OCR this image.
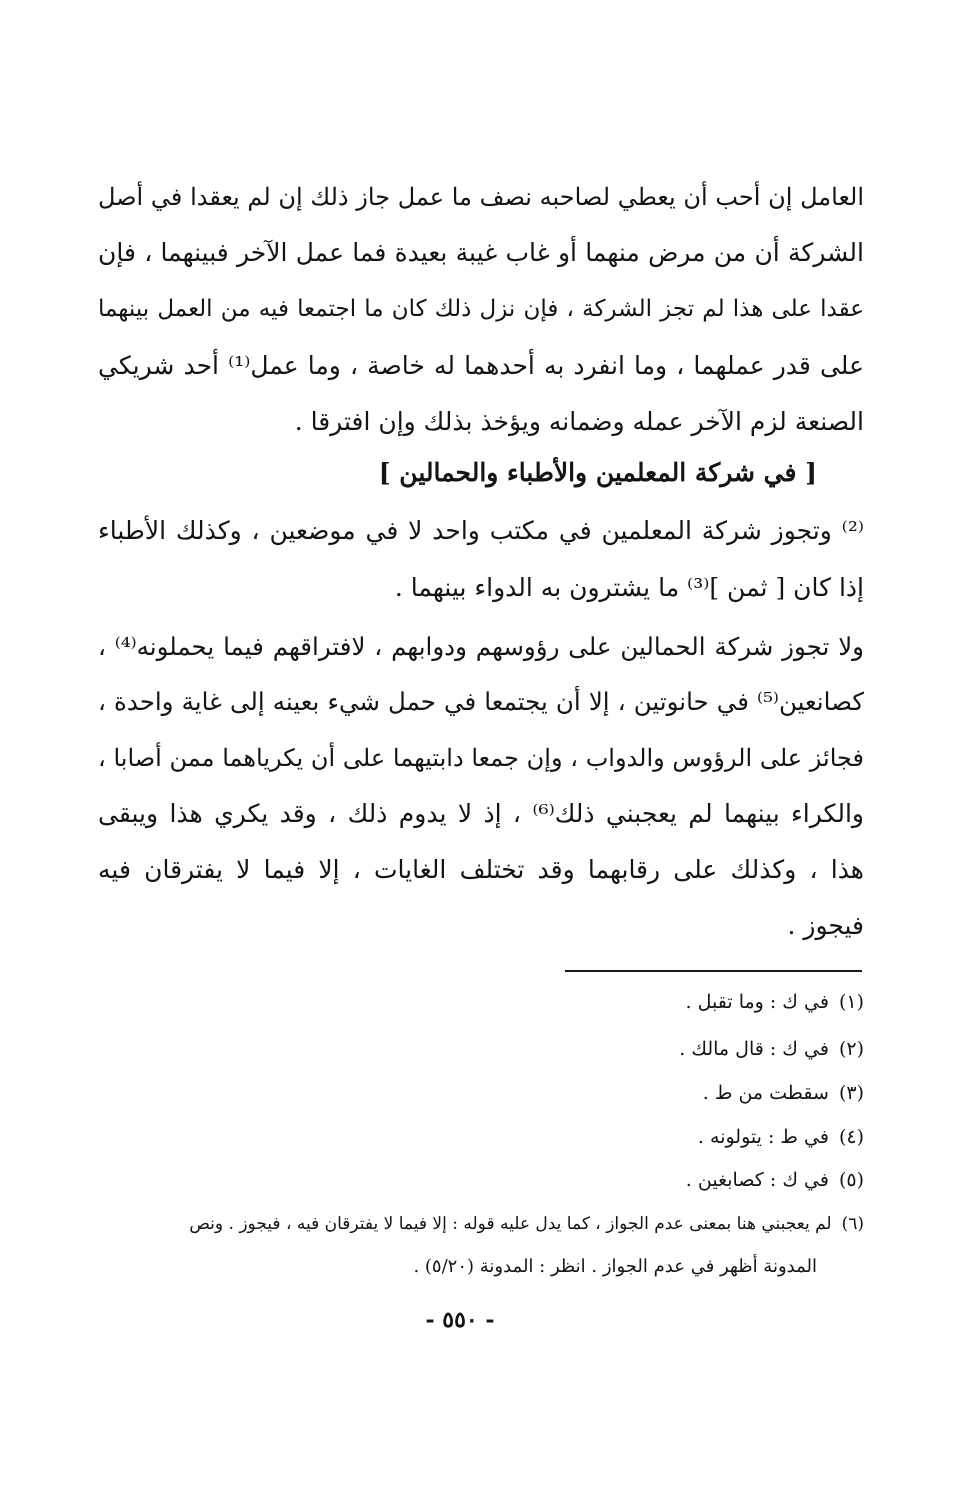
العامل إن أحب أن يعطي لصاحبه نصف ما عمل جاز ذلك إن لم يعقدا في أصل
الشركة أن من مرض منهما أو غاب غيبة بعيدة فما عمل الآخر فبينهما ، فإن
عقدا على هذا لم تجز الشركة ، فإن نزل ذلك كان ما اجتمعا فيه من العمل بينهما
على قدر عملهما ، وما انفرد به أحدهما له خاصة ، وما عمل⁽¹⁾ أحد شريكي
الصنعة لزم الآخر عمله وضمانه ويؤخذ بذلك وإن افترقا .
[ في شركة المعلمين والأطباء والحمالين ]
⁽²⁾ وتجوز شركة المعلمين في مكتب واحد لا في موضعين ، وكذلك الأطباء
إذا كان [ ثمن ]⁽³⁾ ما يشترون به الدواء بينهما .
ولا تجوز شركة الحمالين على رؤوسهم ودوابهم ، لافتراقهم فيما يحملونه⁽⁴⁾ ،
كصانعين⁽⁵⁾ في حانوتين ، إلا أن يجتمعا في حمل شيء بعينه إلى غاية واحدة ،
فجائز على الرؤوس والدواب ، وإن جمعا دابتيهما على أن يكرياهما ممن أصابا ،
والكراء بينهما لم يعجبني ذلك⁽⁶⁾ ، إذ لا يدوم ذلك ، وقد يكري هذا ويبقى
هذا ، وكذلك على رقابهما وقد تختلف الغايات ، إلا فيما لا يفترقان فيه
فيجوز .
(١)في ك : وما تقبل .
(٢)في ك : قال مالك .
(٣)سقطت من ط .
(٤)في ط : يتولونه .
(٥)في ك : كصابغين .
(٦)لم يعجبني هنا بمعنى عدم الجواز ، كما يدل عليه قوله : إلا فيما لا يفترقان فيه ، فيجوز . ونص
المدونة أظهر في عدم الجواز . انظر : المدونة (٥/٢٠) .
- ٥٥٠ -
